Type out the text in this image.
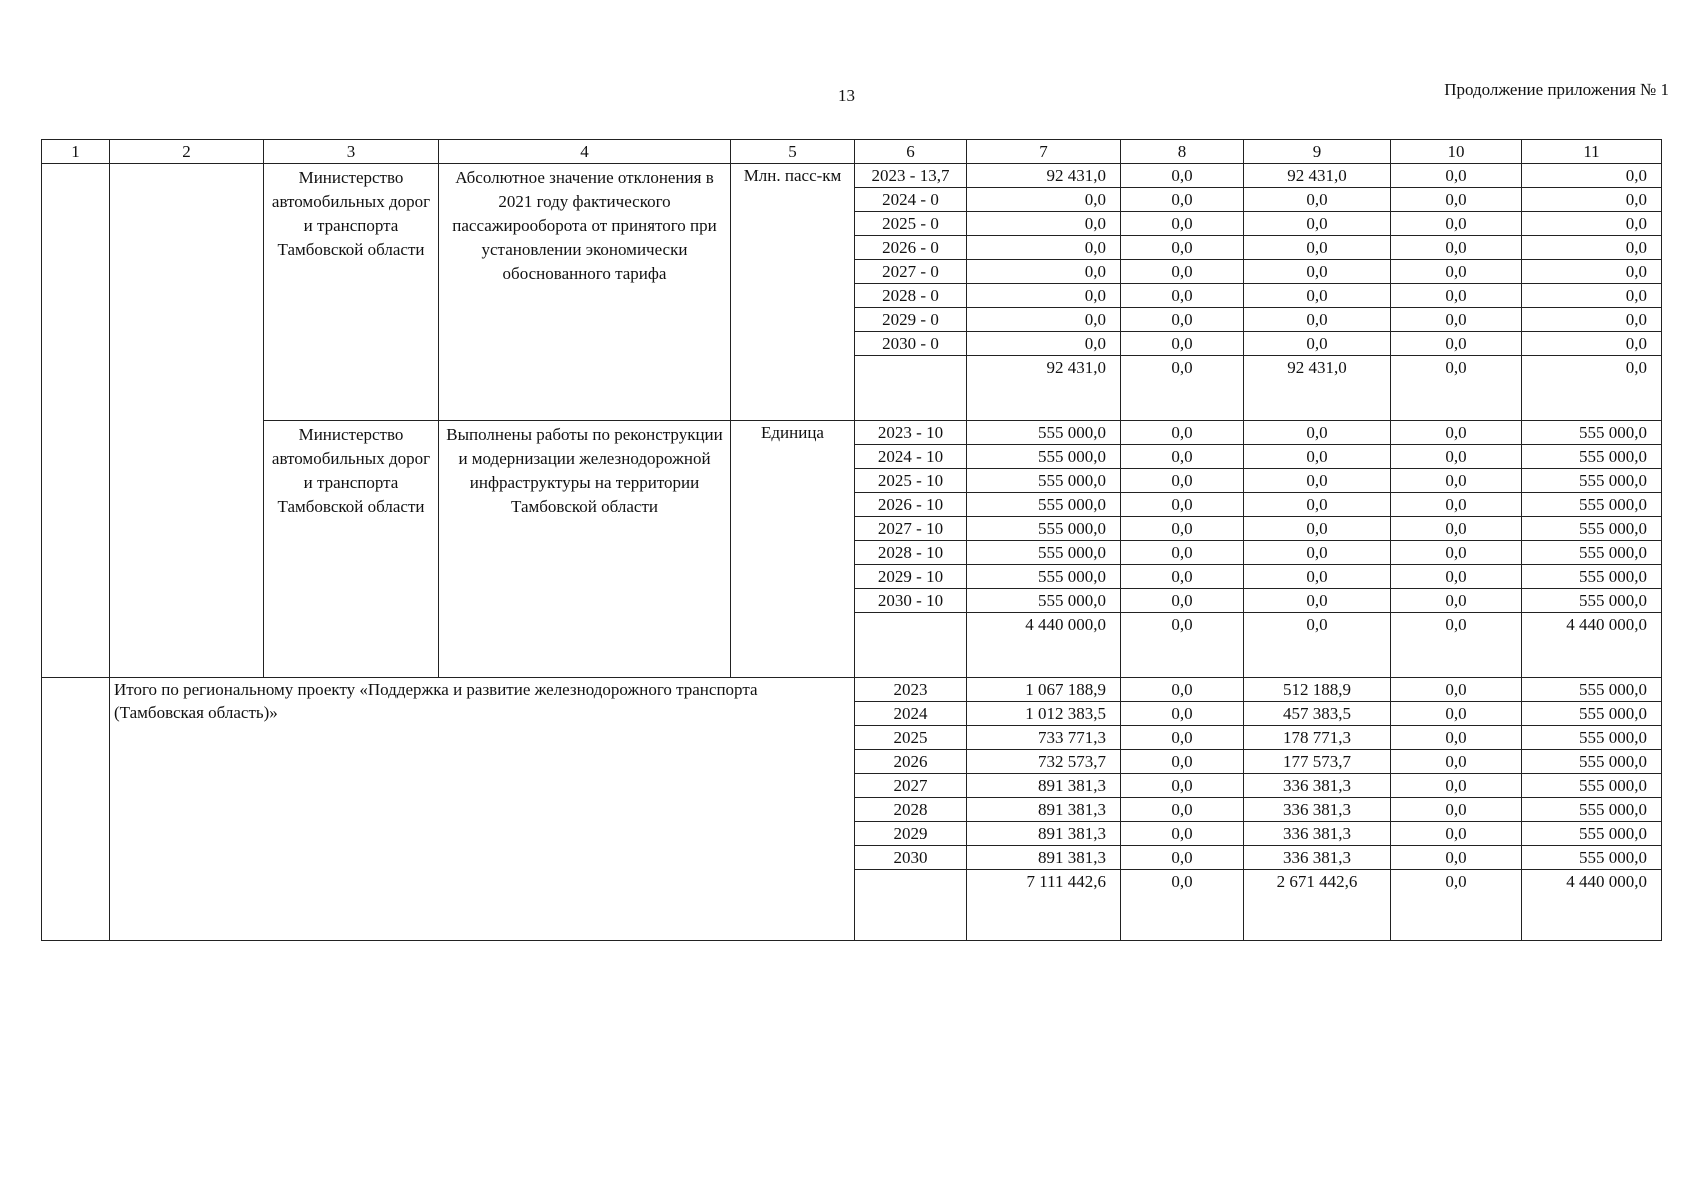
13	Продолжение приложения № 1
1	2	3	4	5	6	7	8	9	10	11
		Министерство автомобильных дорог и транспорта Тамбовской области	Абсолютное значение отклонения в 2021 году фактического пассажирооборота от принятого при установлении экономически обоснованного тарифа	Млн. пасс-км	2023 - 13,7	92 431,0	0,0	92 431,0	0,0	0,0
					2024 - 0	0,0	0,0	0,0	0,0	0,0
					2025 - 0	0,0	0,0	0,0	0,0	0,0
					2026 - 0	0,0	0,0	0,0	0,0	0,0
					2027 - 0	0,0	0,0	0,0	0,0	0,0
					2028 - 0	0,0	0,0	0,0	0,0	0,0
					2029 - 0	0,0	0,0	0,0	0,0	0,0
					2030 - 0	0,0	0,0	0,0	0,0	0,0
						92 431,0	0,0	92 431,0	0,0	0,0
		Министерство автомобильных дорог и транспорта Тамбовской области	Выполнены работы по реконструкции и модернизации железнодорожной инфраструктуры на территории Тамбовской области	Единица	2023 - 10	555 000,0	0,0	0,0	0,0	555 000,0
					2024 - 10	555 000,0	0,0	0,0	0,0	555 000,0
					2025 - 10	555 000,0	0,0	0,0	0,0	555 000,0
					2026 - 10	555 000,0	0,0	0,0	0,0	555 000,0
					2027 - 10	555 000,0	0,0	0,0	0,0	555 000,0
					2028 - 10	555 000,0	0,0	0,0	0,0	555 000,0
					2029 - 10	555 000,0	0,0	0,0	0,0	555 000,0
					2030 - 10	555 000,0	0,0	0,0	0,0	555 000,0
						4 440 000,0	0,0	0,0	0,0	4 440 000,0
	Итого по региональному проекту «Поддержка и развитие железнодорожного транспорта (Тамбовская область)»				2023	1 067 188,9	0,0	512 188,9	0,0	555 000,0
					2024	1 012 383,5	0,0	457 383,5	0,0	555 000,0
					2025	733 771,3	0,0	178 771,3	0,0	555 000,0
					2026	732 573,7	0,0	177 573,7	0,0	555 000,0
					2027	891 381,3	0,0	336 381,3	0,0	555 000,0
					2028	891 381,3	0,0	336 381,3	0,0	555 000,0
					2029	891 381,3	0,0	336 381,3	0,0	555 000,0
					2030	891 381,3	0,0	336 381,3	0,0	555 000,0
						7 111 442,6	0,0	2 671 442,6	0,0	4 440 000,0
